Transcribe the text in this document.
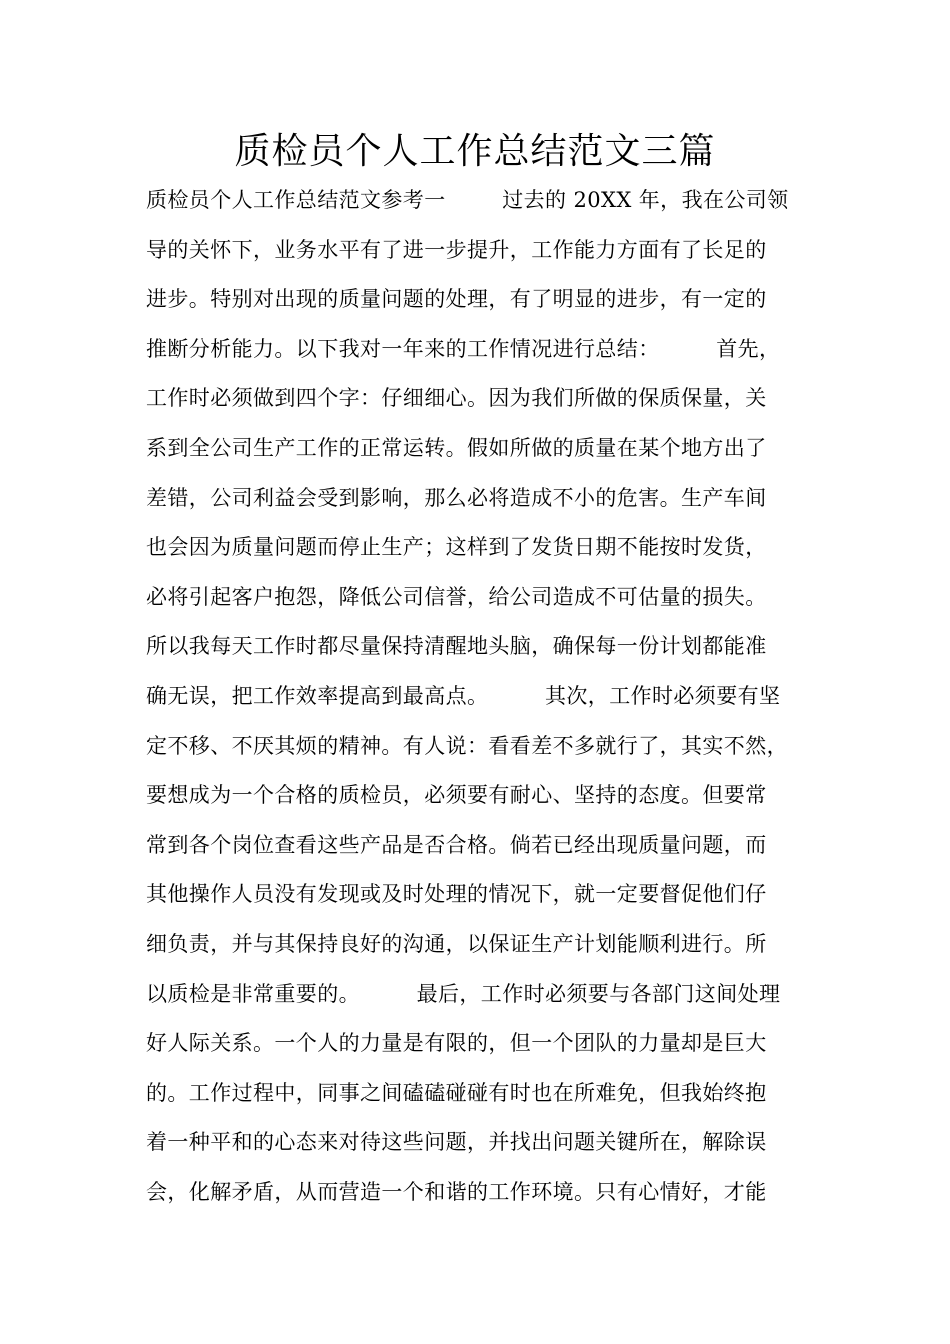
质检员个人工作总结范文三篇
质检员个人工作总结范文参考一        过去的 20XX 年，我在公司领
导的关怀下，业务水平有了进一步提升，工作能力方面有了长足的
进步。特别对出现的质量问题的处理，有了明显的进步，有一定的
推断分析能力。以下我对一年来的工作情况进行总结：        首先，
工作时必须做到四个字：仔细细心。因为我们所做的保质保量，关
系到全公司生产工作的正常运转。假如所做的质量在某个地方出了
差错，公司利益会受到影响，那么必将造成不小的危害。生产车间
也会因为质量问题而停止生产；这样到了发货日期不能按时发货，
必将引起客户抱怨，降低公司信誉，给公司造成不可估量的损失。
所以我每天工作时都尽量保持清醒地头脑，确保每一份计划都能准
确无误，把工作效率提高到最高点。        其次，工作时必须要有坚
定不移、不厌其烦的精神。有人说：看看差不多就行了，其实不然，
要想成为一个合格的质检员，必须要有耐心、坚持的态度。但要常
常到各个岗位查看这些产品是否合格。倘若已经出现质量问题，而
其他操作人员没有发现或及时处理的情况下，就一定要督促他们仔
细负责，并与其保持良好的沟通，以保证生产计划能顺利进行。所
以质检是非常重要的。        最后，工作时必须要与各部门这间处理
好人际关系。一个人的力量是有限的，但一个团队的力量却是巨大
的。工作过程中，同事之间磕磕碰碰有时也在所难免，但我始终抱
着一种平和的心态来对待这些问题，并找出问题关键所在，解除误
会，化解矛盾，从而营造一个和谐的工作环境。只有心情好，才能
